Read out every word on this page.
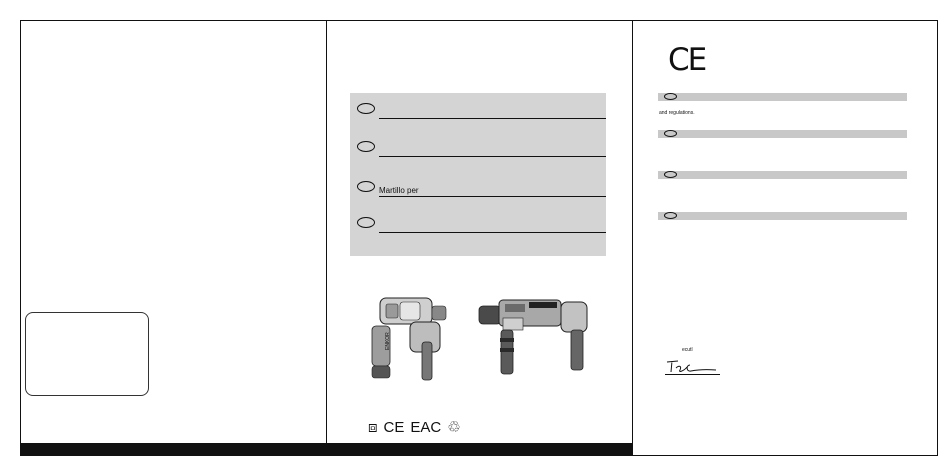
Martillo per
ENKOR
⧈ CE EAC ♲
CE
and regulations.
ecutl
